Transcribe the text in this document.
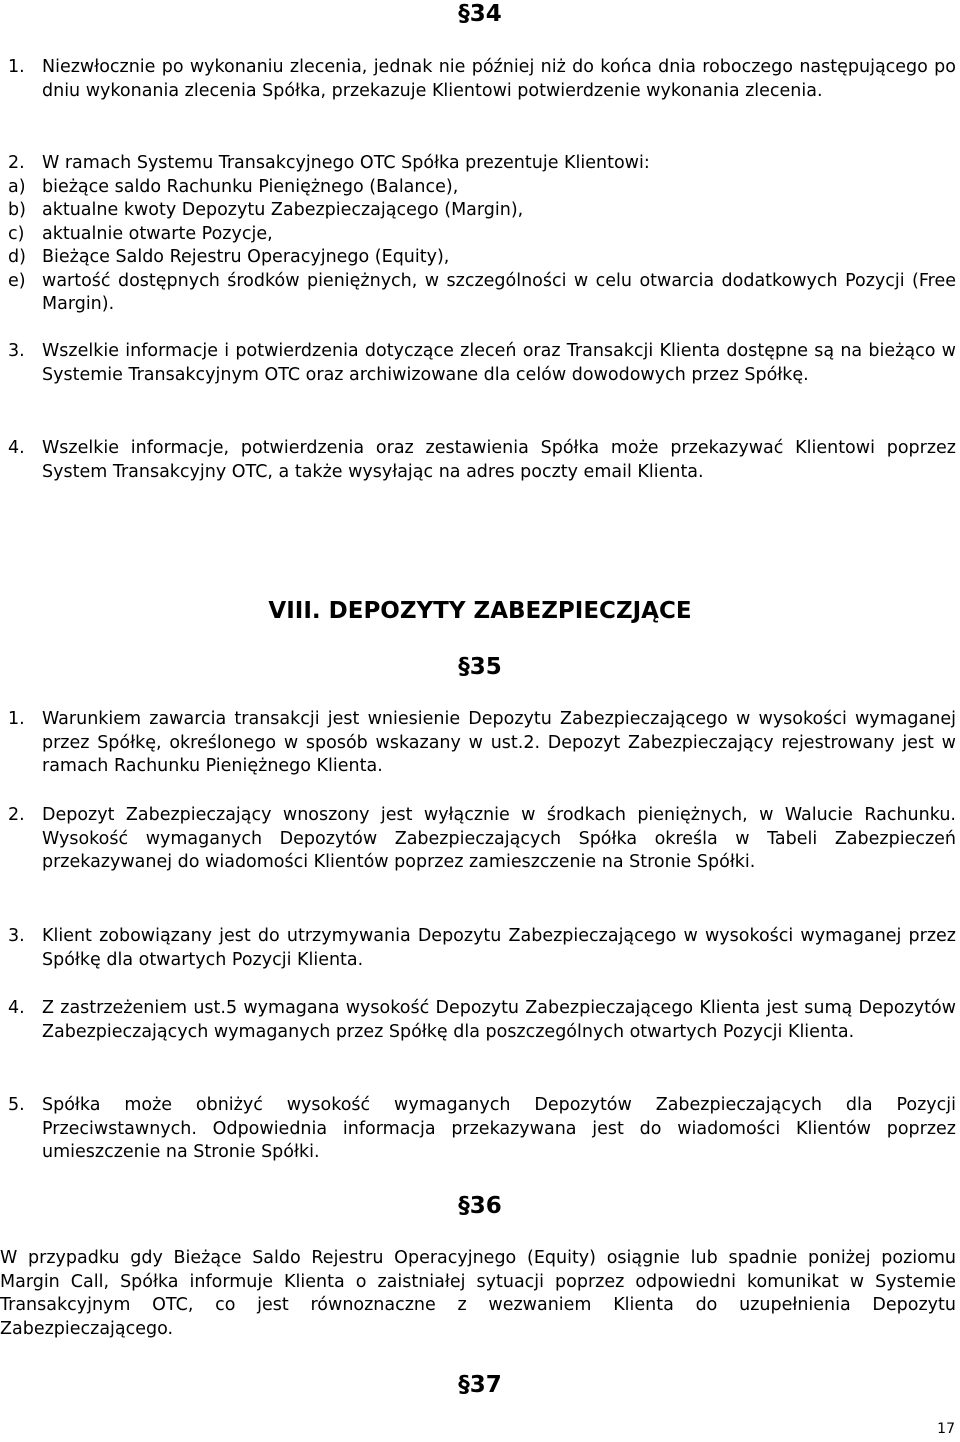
§34
1. Niezwłocznie po wykonaniu zlecenia, jednak nie później niż do końca dnia roboczego następującego po dniu wykonania zlecenia Spółka, przekazuje Klientowi potwierdzenie wykonania zlecenia.
2. W ramach Systemu Transakcyjnego OTC Spółka prezentuje Klientowi:
a) bieżące saldo Rachunku Pieniężnego (Balance),
b) aktualne kwoty Depozytu Zabezpieczającego (Margin),
c)	aktualnie otwarte Pozycje,
d) Bieżące Saldo Rejestru Operacyjnego (Equity),
e) wartość dostępnych środków pieniężnych, w szczególności w celu otwarcia dodatkowych Pozycji (Free Margin).
3. Wszelkie informacje i potwierdzenia dotyczące zleceń oraz Transakcji Klienta dostępne są na bieżąco w Systemie Transakcyjnym OTC oraz archiwizowane dla celów dowodowych przez Spółkę.
4. Wszelkie informacje, potwierdzenia oraz zestawienia Spółka może przekazywać Klientowi poprzez System Transakcyjny OTC, a także wysyłając na adres poczty email Klienta.
VIII. DEPOZYTY ZABEZPIECZJĄCE
§35
1. Warunkiem zawarcia transakcji jest wniesienie Depozytu Zabezpieczającego w wysokości wymaganej przez Spółkę, określonego w sposób wskazany w ust.2. Depozyt Zabezpieczający rejestrowany jest w ramach Rachunku Pieniężnego Klienta.
2. Depozyt Zabezpieczający wnoszony jest wyłącznie w środkach pieniężnych, w Walucie Rachunku. Wysokość wymaganych Depozytów Zabezpieczających Spółka określa w Tabeli Zabezpieczeń przekazywanej do wiadomości Klientów poprzez zamieszczenie na Stronie Spółki.
3. Klient zobowiązany jest do utrzymywania Depozytu Zabezpieczającego w wysokości wymaganej przez Spółkę dla otwartych Pozycji Klienta.
4. Z zastrzeżeniem ust.5 wymagana wysokość Depozytu Zabezpieczającego Klienta jest sumą Depozytów Zabezpieczających wymaganych przez Spółkę dla poszczególnych otwartych Pozycji Klienta.
5. Spółka może obniżyć wysokość wymaganych Depozytów Zabezpieczających dla Pozycji Przeciwstawnych. Odpowiednia informacja przekazywana jest do wiadomości Klientów poprzez umieszczenie na Stronie Spółki.
§36
W przypadku gdy Bieżące Saldo Rejestru Operacyjnego (Equity) osiągnie lub spadnie poniżej poziomu Margin Call, Spółka informuje Klienta o zaistniałej sytuacji poprzez odpowiedni komunikat w Systemie Transakcyjnym OTC, co jest równoznaczne z wezwaniem Klienta do uzupełnienia Depozytu Zabezpieczającego.
§37
17
